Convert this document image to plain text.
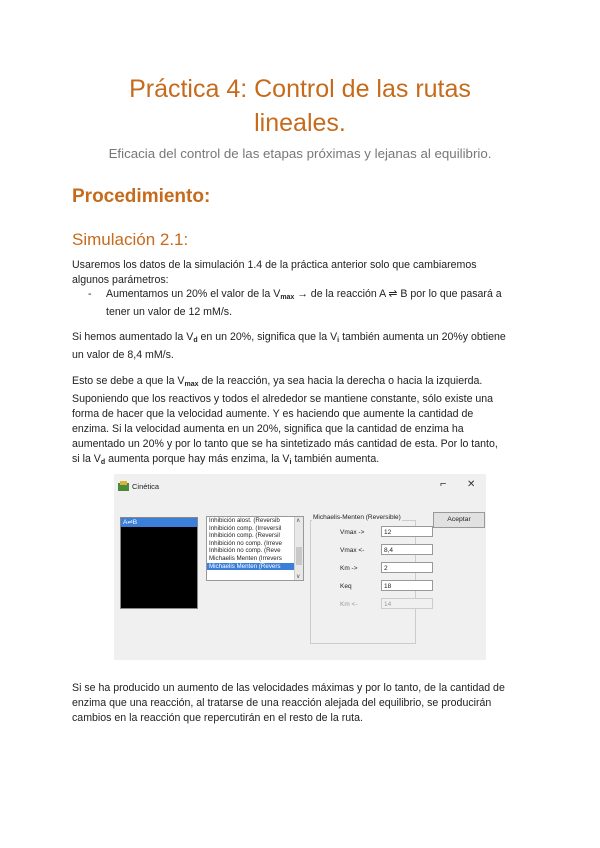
Práctica 4: Control de las rutas
lineales.

Eficacia del control de las etapas próximas y lejanas al equilibrio.

Procedimiento:
Simulación 2.1:

Usaremos los datos de la simulación 1.4 de la práctica anterior solo que cambiaremos
algunos parámetros:

- Aumentamos un 20% el valor de la $V_{max}$ → de la reacción A ⇌ B por lo que pasará a
tener un valor de 12 mM/s.

Si hemos aumentado la $V_d$ en un 20%, significa que la $V_i$ también aumenta un 20%y obtiene
un valor de 8,4 mM/s.

Esto se debe a que la $V_{max}$ de la reacción, ya sea hacia la derecha o hacia la izquierda.
Suponiendo que los reactivos y todos el alrededor se mantiene constante, sólo existe una
forma de hacer que la velocidad aumente. Y es haciendo que aumente la cantidad de
enzima. Si la velocidad aumenta en un 20%, significa que la cantidad de enzima ha
aumentado un 20% y por lo tanto que se ha sintetizado más cantidad de esta. Por lo tanto,
si la $V_d$ aumenta porque hay más enzima, la $V_i$ también aumenta.

Cinética	⌐ ✕
A⇌B	Inhibición alost. (Reversib
Inhibición comp. (Irreversil
Inhibición comp. (Reversil
Inhibición no comp. (Irreve
Inhibición no comp. (Reve
Michaelis Menten (Irrevers
Michaelis Menten (Revers
∧
∨
Michaelis-Menten (Reversible)
Vmax ->	12
Vmax <-	8,4
Km ->	2
Keq	18
Km <-	14
Aceptar

Si se ha producido un aumento de las velocidades máximas y por lo tanto, de la cantidad de
enzima que una reacción, al tratarse de una reacción alejada del equilibrio, se producirán
cambios en la reacción que repercutirán en el resto de la ruta.
